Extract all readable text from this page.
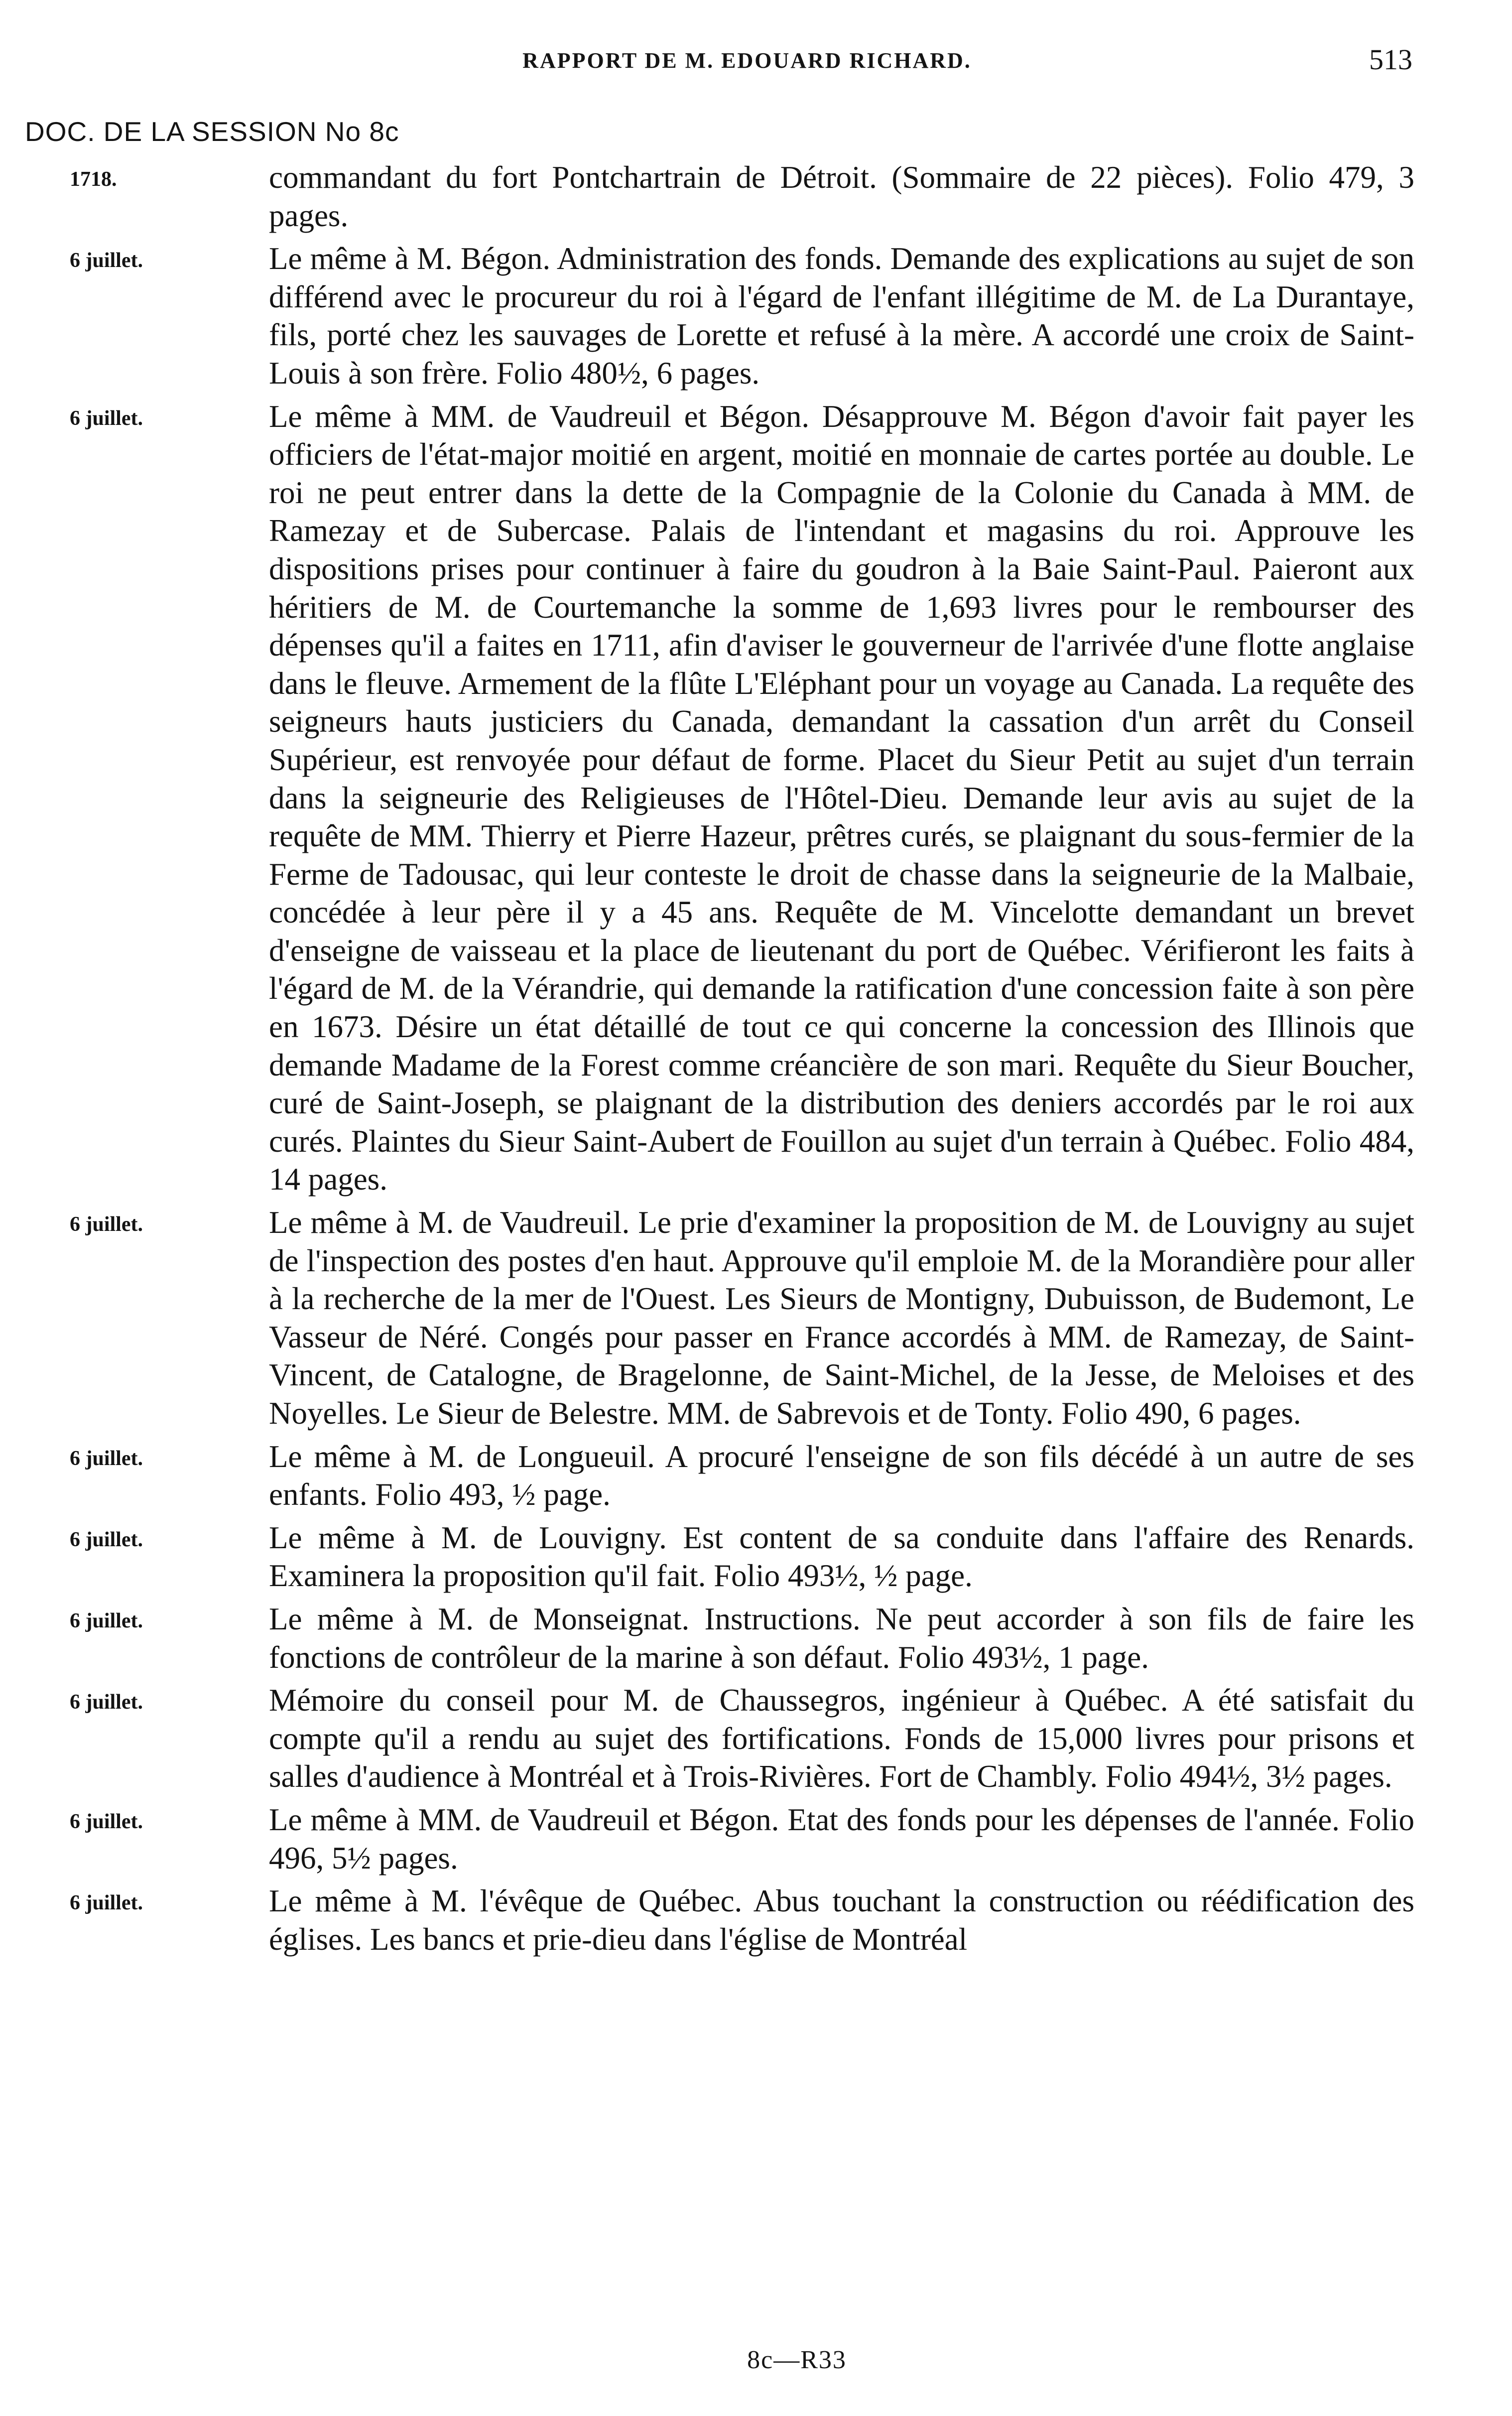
RAPPORT DE M. EDOUARD RICHARD.	513
DOC. DE LA SESSION No 8c
1718.	commandant du fort Pontchartrain de Détroit. (Sommaire de 22 pièces). Folio 479, 3 pages.
6 juillet.	Le même à M. Bégon. Administration des fonds. Demande des explications au sujet de son différend avec le procureur du roi à l'égard de l'enfant illégitime de M. de La Durantaye, fils, porté chez les sauvages de Lorette et refusé à la mère. A accordé une croix de Saint-Louis à son frère. Folio 480½, 6 pages.
6 juillet.	Le même à MM. de Vaudreuil et Bégon. Désapprouve M. Bégon d'avoir fait payer les officiers de l'état-major moitié en argent, moitié en monnaie de cartes portée au double. Le roi ne peut entrer dans la dette de la Compagnie de la Colonie du Canada à MM. de Ramezay et de Subercase. Palais de l'intendant et magasins du roi. Approuve les dispositions prises pour continuer à faire du goudron à la Baie Saint-Paul. Paieront aux héritiers de M. de Courtemanche la somme de 1,693 livres pour le rembourser des dépenses qu'il a faites en 1711, afin d'aviser le gouverneur de l'arrivée d'une flotte anglaise dans le fleuve. Armement de la flûte L'Eléphant pour un voyage au Canada. La requête des seigneurs hauts justiciers du Canada, demandant la cassation d'un arrêt du Conseil Supérieur, est renvoyée pour défaut de forme. Placet du Sieur Petit au sujet d'un terrain dans la seigneurie des Religieuses de l'Hôtel-Dieu. Demande leur avis au sujet de la requête de MM. Thierry et Pierre Hazeur, prêtres curés, se plaignant du sous-fermier de la Ferme de Tadousac, qui leur conteste le droit de chasse dans la seigneurie de la Malbaie, concédée à leur père il y a 45 ans. Requête de M. Vincelotte demandant un brevet d'enseigne de vaisseau et la place de lieutenant du port de Québec. Vérifieront les faits à l'égard de M. de la Vérandrie, qui demande la ratification d'une concession faite à son père en 1673. Désire un état détaillé de tout ce qui concerne la concession des Illinois que demande Madame de la Forest comme créancière de son mari. Requête du Sieur Boucher, curé de Saint-Joseph, se plaignant de la distribution des deniers accordés par le roi aux curés. Plaintes du Sieur Saint-Aubert de Fouillon au sujet d'un terrain à Québec. Folio 484, 14 pages.
6 juillet.	Le même à M. de Vaudreuil. Le prie d'examiner la proposition de M. de Louvigny au sujet de l'inspection des postes d'en haut. Approuve qu'il emploie M. de la Morandière pour aller à la recherche de la mer de l'Ouest. Les Sieurs de Montigny, Dubuisson, de Budemont, Le Vasseur de Néré. Congés pour passer en France accordés à MM. de Ramezay, de Saint-Vincent, de Catalogne, de Bragelonne, de Saint-Michel, de la Jesse, de Meloises et des Noyelles. Le Sieur de Belestre. MM. de Sabrevois et de Tonty. Folio 490, 6 pages.
6 juillet.	Le même à M. de Longueuil. A procuré l'enseigne de son fils décédé à un autre de ses enfants. Folio 493, ½ page.
6 juillet.	Le même à M. de Louvigny. Est content de sa conduite dans l'affaire des Renards. Examinera la proposition qu'il fait. Folio 493½, ½ page.
6 juillet.	Le même à M. de Monseignat. Instructions. Ne peut accorder à son fils de faire les fonctions de contrôleur de la marine à son défaut. Folio 493½, 1 page.
6 juillet.	Mémoire du conseil pour M. de Chaussegros, ingénieur à Québec. A été satisfait du compte qu'il a rendu au sujet des fortifications. Fonds de 15,000 livres pour prisons et salles d'audience à Montréal et à Trois-Rivières. Fort de Chambly. Folio 494½, 3½ pages.
6 juillet.	Le même à MM. de Vaudreuil et Bégon. Etat des fonds pour les dépenses de l'année. Folio 496, 5½ pages.
6 juillet.	Le même à M. l'évêque de Québec. Abus touchant la construction ou réédification des églises. Les bancs et prie-dieu dans l'église de Montréal
8c—R33
